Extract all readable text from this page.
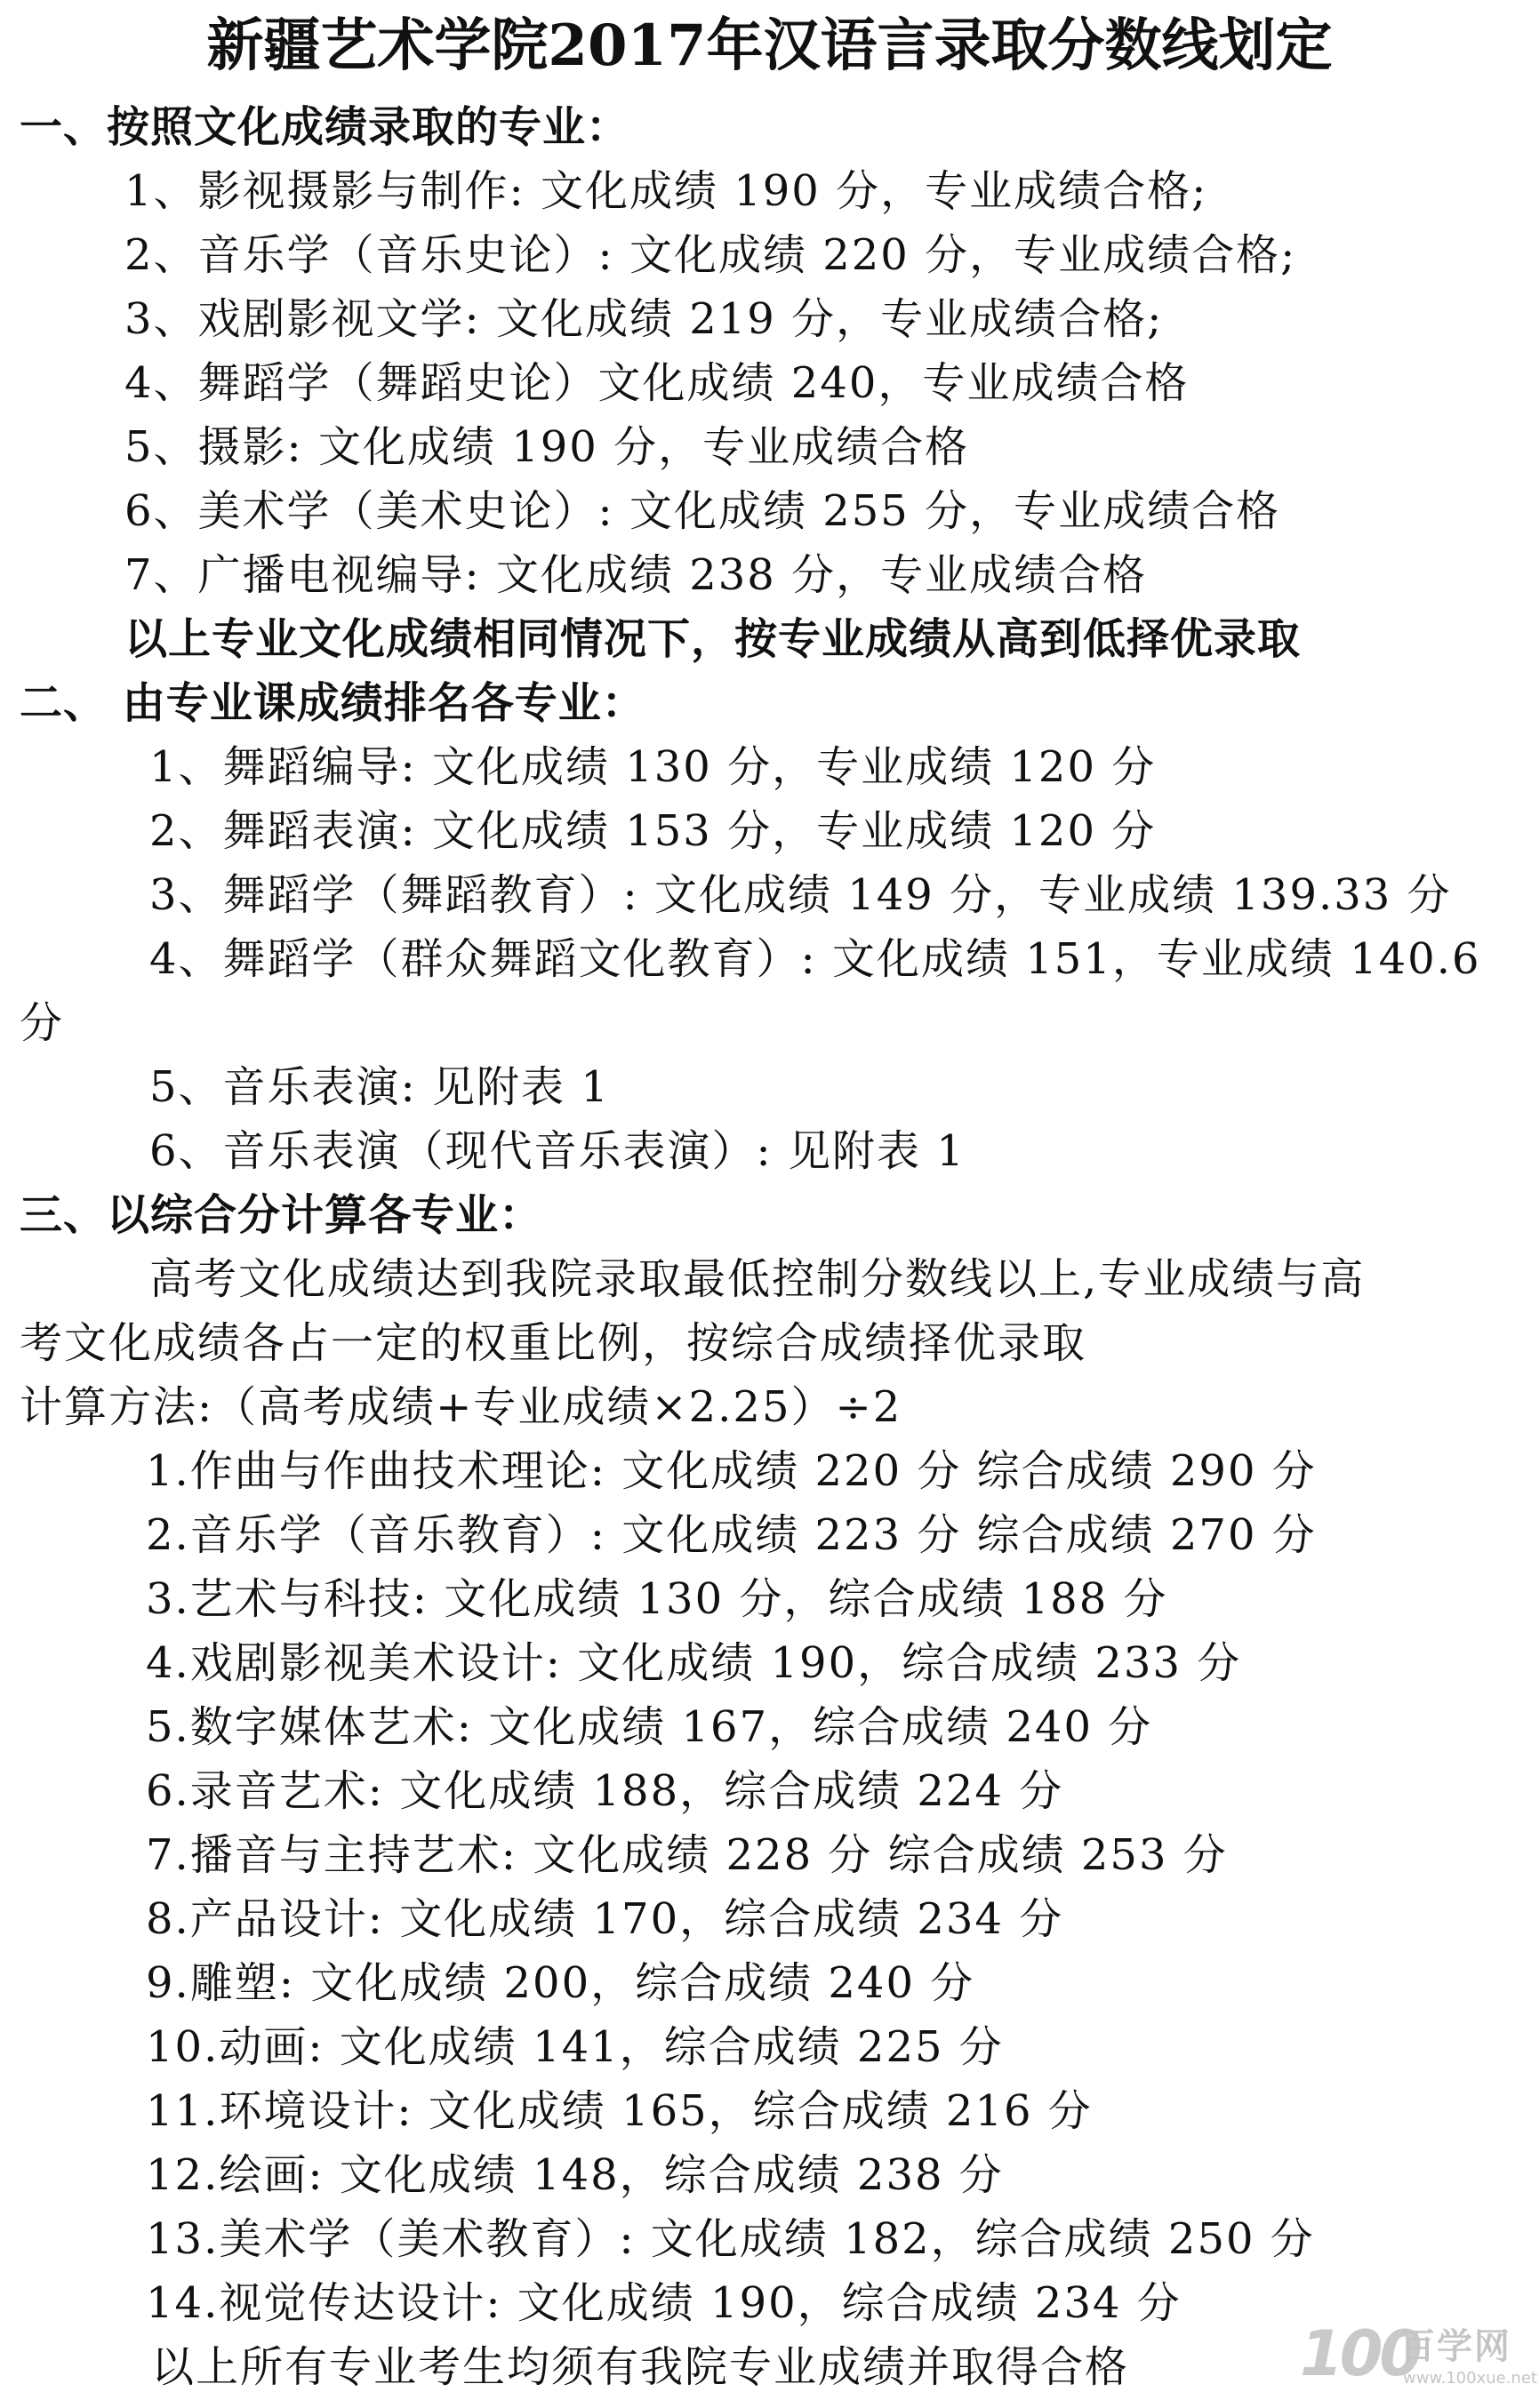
新疆艺术学院2017年汉语言录取分数线划定
一、按照文化成绩录取的专业：
1、影视摄影与制作: 文化成绩 190 分，专业成绩合格;
2、音乐学（音乐史论）: 文化成绩 220 分，专业成绩合格;
3、戏剧影视文学: 文化成绩 219 分，专业成绩合格;
4、舞蹈学（舞蹈史论）文化成绩 240，专业成绩合格
5、摄影: 文化成绩 190 分，专业成绩合格
6、美术学（美术史论）: 文化成绩 255 分，专业成绩合格
7、广播电视编导: 文化成绩 238 分，专业成绩合格
以上专业文化成绩相同情况下，按专业成绩从高到低择优录取
二、 由专业课成绩排名各专业：
1、舞蹈编导: 文化成绩 130 分，专业成绩 120 分
2、舞蹈表演: 文化成绩 153 分，专业成绩 120 分
3、舞蹈学（舞蹈教育）: 文化成绩 149 分，专业成绩 139.33 分
4、舞蹈学（群众舞蹈文化教育）: 文化成绩 151，专业成绩 140.6
分
5、音乐表演: 见附表 1
6、音乐表演（现代音乐表演）: 见附表 1
三、以综合分计算各专业：
高考文化成绩达到我院录取最低控制分数线以上,专业成绩与高
考文化成绩各占一定的权重比例，按综合成绩择优录取
计算方法:（高考成绩+专业成绩×2.25）÷2
1.作曲与作曲技术理论: 文化成绩 220 分 综合成绩 290 分
2.音乐学（音乐教育）: 文化成绩 223 分 综合成绩 270 分
3.艺术与科技: 文化成绩 130 分，综合成绩 188 分
4.戏剧影视美术设计: 文化成绩 190，综合成绩 233 分
5.数字媒体艺术: 文化成绩 167，综合成绩 240 分
6.录音艺术: 文化成绩 188，综合成绩 224 分
7.播音与主持艺术: 文化成绩 228 分 综合成绩 253 分
8.产品设计: 文化成绩 170，综合成绩 234 分
9.雕塑: 文化成绩 200，综合成绩 240 分
10.动画: 文化成绩 141，综合成绩 225 分
11.环境设计: 文化成绩 165，综合成绩 216 分
12.绘画: 文化成绩 148，综合成绩 238 分
13.美术学（美术教育）: 文化成绩 182，综合成绩 250 分
14.视觉传达设计: 文化成绩 190，综合成绩 234 分
以上所有专业考生均须有我院专业成绩并取得合格	100
百学网
www.100xue.net
